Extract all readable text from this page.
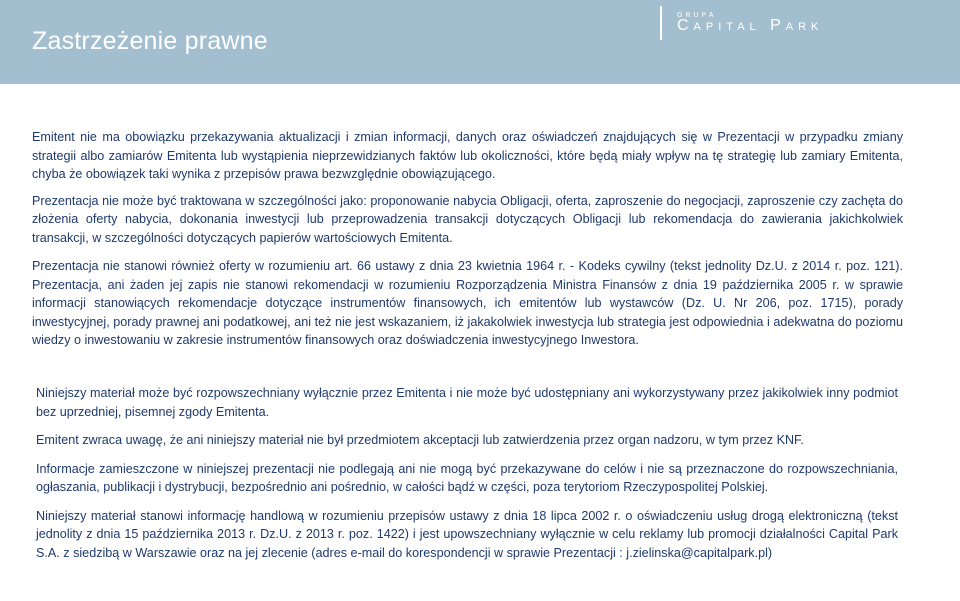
Zastrzeżenie prawne
GRUPA
Capital Park

Emitent nie ma obowiązku przekazywania aktualizacji i zmian informacji, danych oraz oświadczeń znajdujących się w Prezentacji w przypadku zmiany strategii albo zamiarów Emitenta lub wystąpienia nieprzewidzianych faktów lub okoliczności, które będą miały wpływ na tę strategię lub zamiary Emitenta, chyba że obowiązek taki wynika z przepisów prawa bezwzględnie obowiązującego.

Prezentacja nie może być traktowana w szczególności jako: proponowanie nabycia Obligacji, oferta, zaproszenie do negocjacji, zaproszenie czy zachęta do złożenia oferty nabycia, dokonania inwestycji lub przeprowadzenia transakcji dotyczących Obligacji lub rekomendacja do zawierania jakichkolwiek transakcji, w szczególności dotyczących papierów wartościowych Emitenta.

Prezentacja nie stanowi również oferty w rozumieniu art. 66 ustawy z dnia 23 kwietnia 1964 r. - Kodeks cywilny (tekst jednolity Dz.U. z 2014 r. poz. 121). Prezentacja, ani żaden jej zapis nie stanowi rekomendacji w rozumieniu Rozporządzenia Ministra Finansów z dnia 19 października 2005 r. w sprawie informacji stanowiących rekomendacje dotyczące instrumentów finansowych, ich emitentów lub wystawców (Dz. U. Nr 206, poz. 1715), porady inwestycyjnej, porady prawnej ani podatkowej, ani też nie jest wskazaniem, iż jakakolwiek inwestycja lub strategia jest odpowiednia i adekwatna do poziomu wiedzy o inwestowaniu w zakresie instrumentów finansowych oraz doświadczenia inwestycyjnego Inwestora.

Niniejszy materiał może być rozpowszechniany wyłącznie przez Emitenta i nie może być udostępniany ani wykorzystywany przez jakikolwiek inny podmiot bez uprzedniej, pisemnej zgody Emitenta.

Emitent zwraca uwagę, że ani niniejszy materiał nie był przedmiotem akceptacji lub zatwierdzenia przez organ nadzoru, w tym przez KNF.

Informacje zamieszczone w niniejszej prezentacji nie podlegają ani nie mogą być przekazywane do celów i nie są przeznaczone do rozpowszechniania, ogłaszania, publikacji i dystrybucji, bezpośrednio ani pośrednio, w całości bądź w części, poza terytoriom Rzeczypospolitej Polskiej.

Niniejszy materiał stanowi informację handlową w rozumieniu przepisów ustawy z dnia 18 lipca 2002 r. o oświadczeniu usług drogą elektroniczną (tekst jednolity z dnia 15 października 2013 r. Dz.U. z 2013 r. poz. 1422) i jest upowszechniany wyłącznie w celu reklamy lub promocji działalności Capital Park S.A. z siedzibą w Warszawie oraz na jej zlecenie (adres e-mail do korespondencji w sprawie Prezentacji : j.zielinska@capitalpark.pl)
